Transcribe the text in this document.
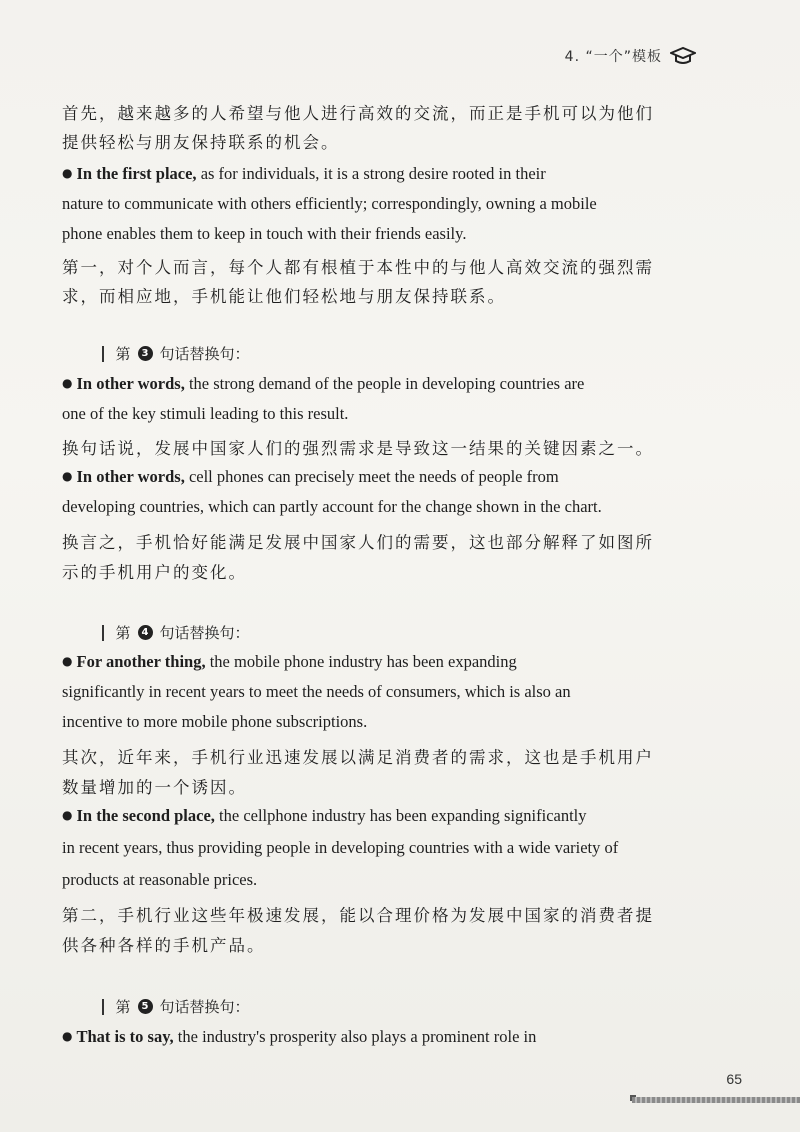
4. “一个”模板
首先，越来越多的人希望与他人进行高效的交流，而正是手机可以为他们
提供轻松与朋友保持联系的机会。
● In the first place, as for individuals, it is a strong desire rooted in their
nature to communicate with others efficiently; correspondingly, owning a mobile
phone enables them to keep in touch with their friends easily.
第一，对个人而言，每个人都有根植于本性中的与他人高效交流的强烈需
求，而相应地，手机能让他们轻松地与朋友保持联系。
第	3 句话替换句：
● In other words, the strong demand of the people in developing countries are
one of the key stimuli leading to this result.
换句话说，发展中国家人们的强烈需求是导致这一结果的关键因素之一。
● In other words, cell phones can precisely meet the needs of people from
developing countries, which can partly account for the change shown in the chart.
换言之，手机恰好能满足发展中国家人们的需要，这也部分解释了如图所
示的手机用户的变化。
第	4 句话替换句：
● For another thing, the mobile phone industry has been expanding
significantly in recent years to meet the needs of consumers, which is also an
incentive to more mobile phone subscriptions.
其次，近年来，手机行业迅速发展以满足消费者的需求，这也是手机用户
数量增加的一个诱因。
● In the second place, the cellphone industry has been expanding significantly
in recent years, thus providing people in developing countries with a wide variety of
products at reasonable prices.
第二，手机行业这些年极速发展，能以合理价格为发展中国家的消费者提
供各种各样的手机产品。
第	5 句话替换句：
● That is to say, the industry's prosperity also plays a prominent role in
65
